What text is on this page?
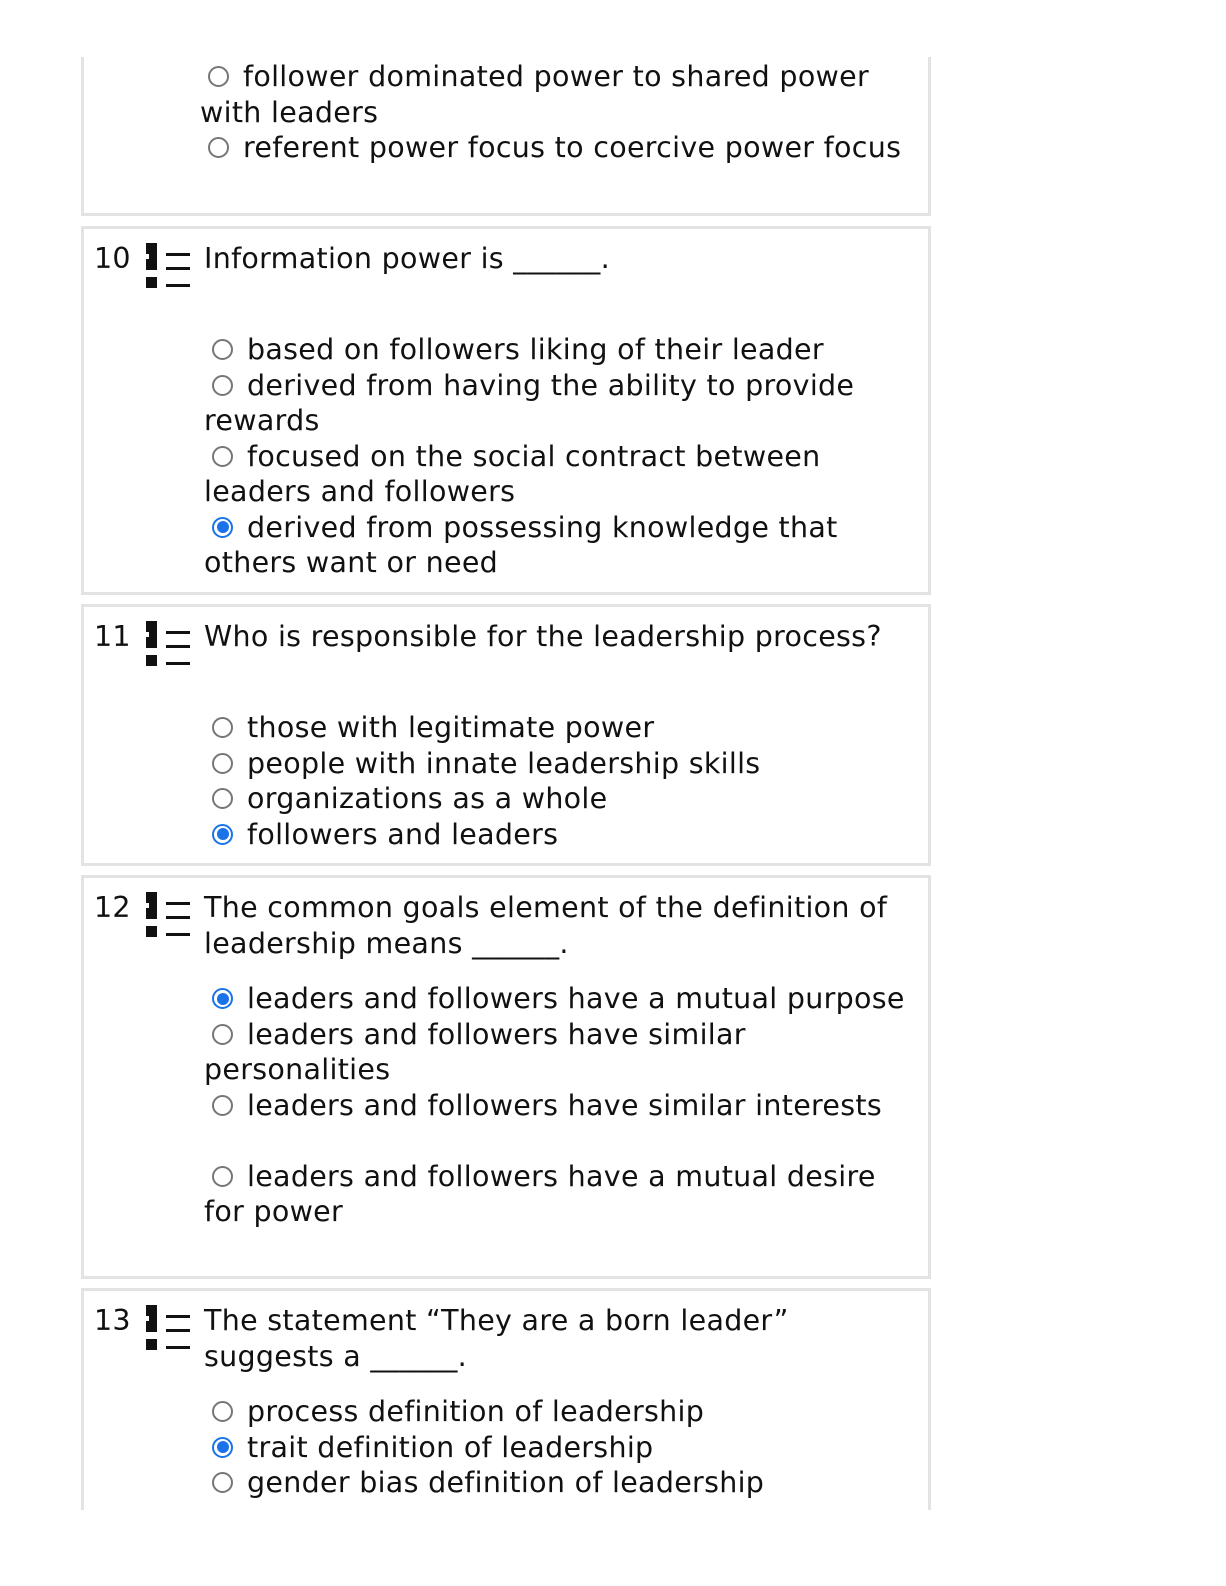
follower dominated power to shared power with leaders
referent power focus to coercive power focus
10	Information power is ______.
based on followers liking of their leader
derived from having the ability to provide rewards
focused on the social contract between leaders and followers
derived from possessing knowledge that others want or need
11	Who is responsible for the leadership process?
those with legitimate power
people with innate leadership skills
organizations as a whole
followers and leaders
12	The common goals element of the definition of leadership means ______.
leaders and followers have a mutual purpose
leaders and followers have similar personalities
leaders and followers have similar interests
leaders and followers have a mutual desire for power
13	The statement “They are a born leader” suggests a ______.
process definition of leadership
trait definition of leadership
gender bias definition of leadership
